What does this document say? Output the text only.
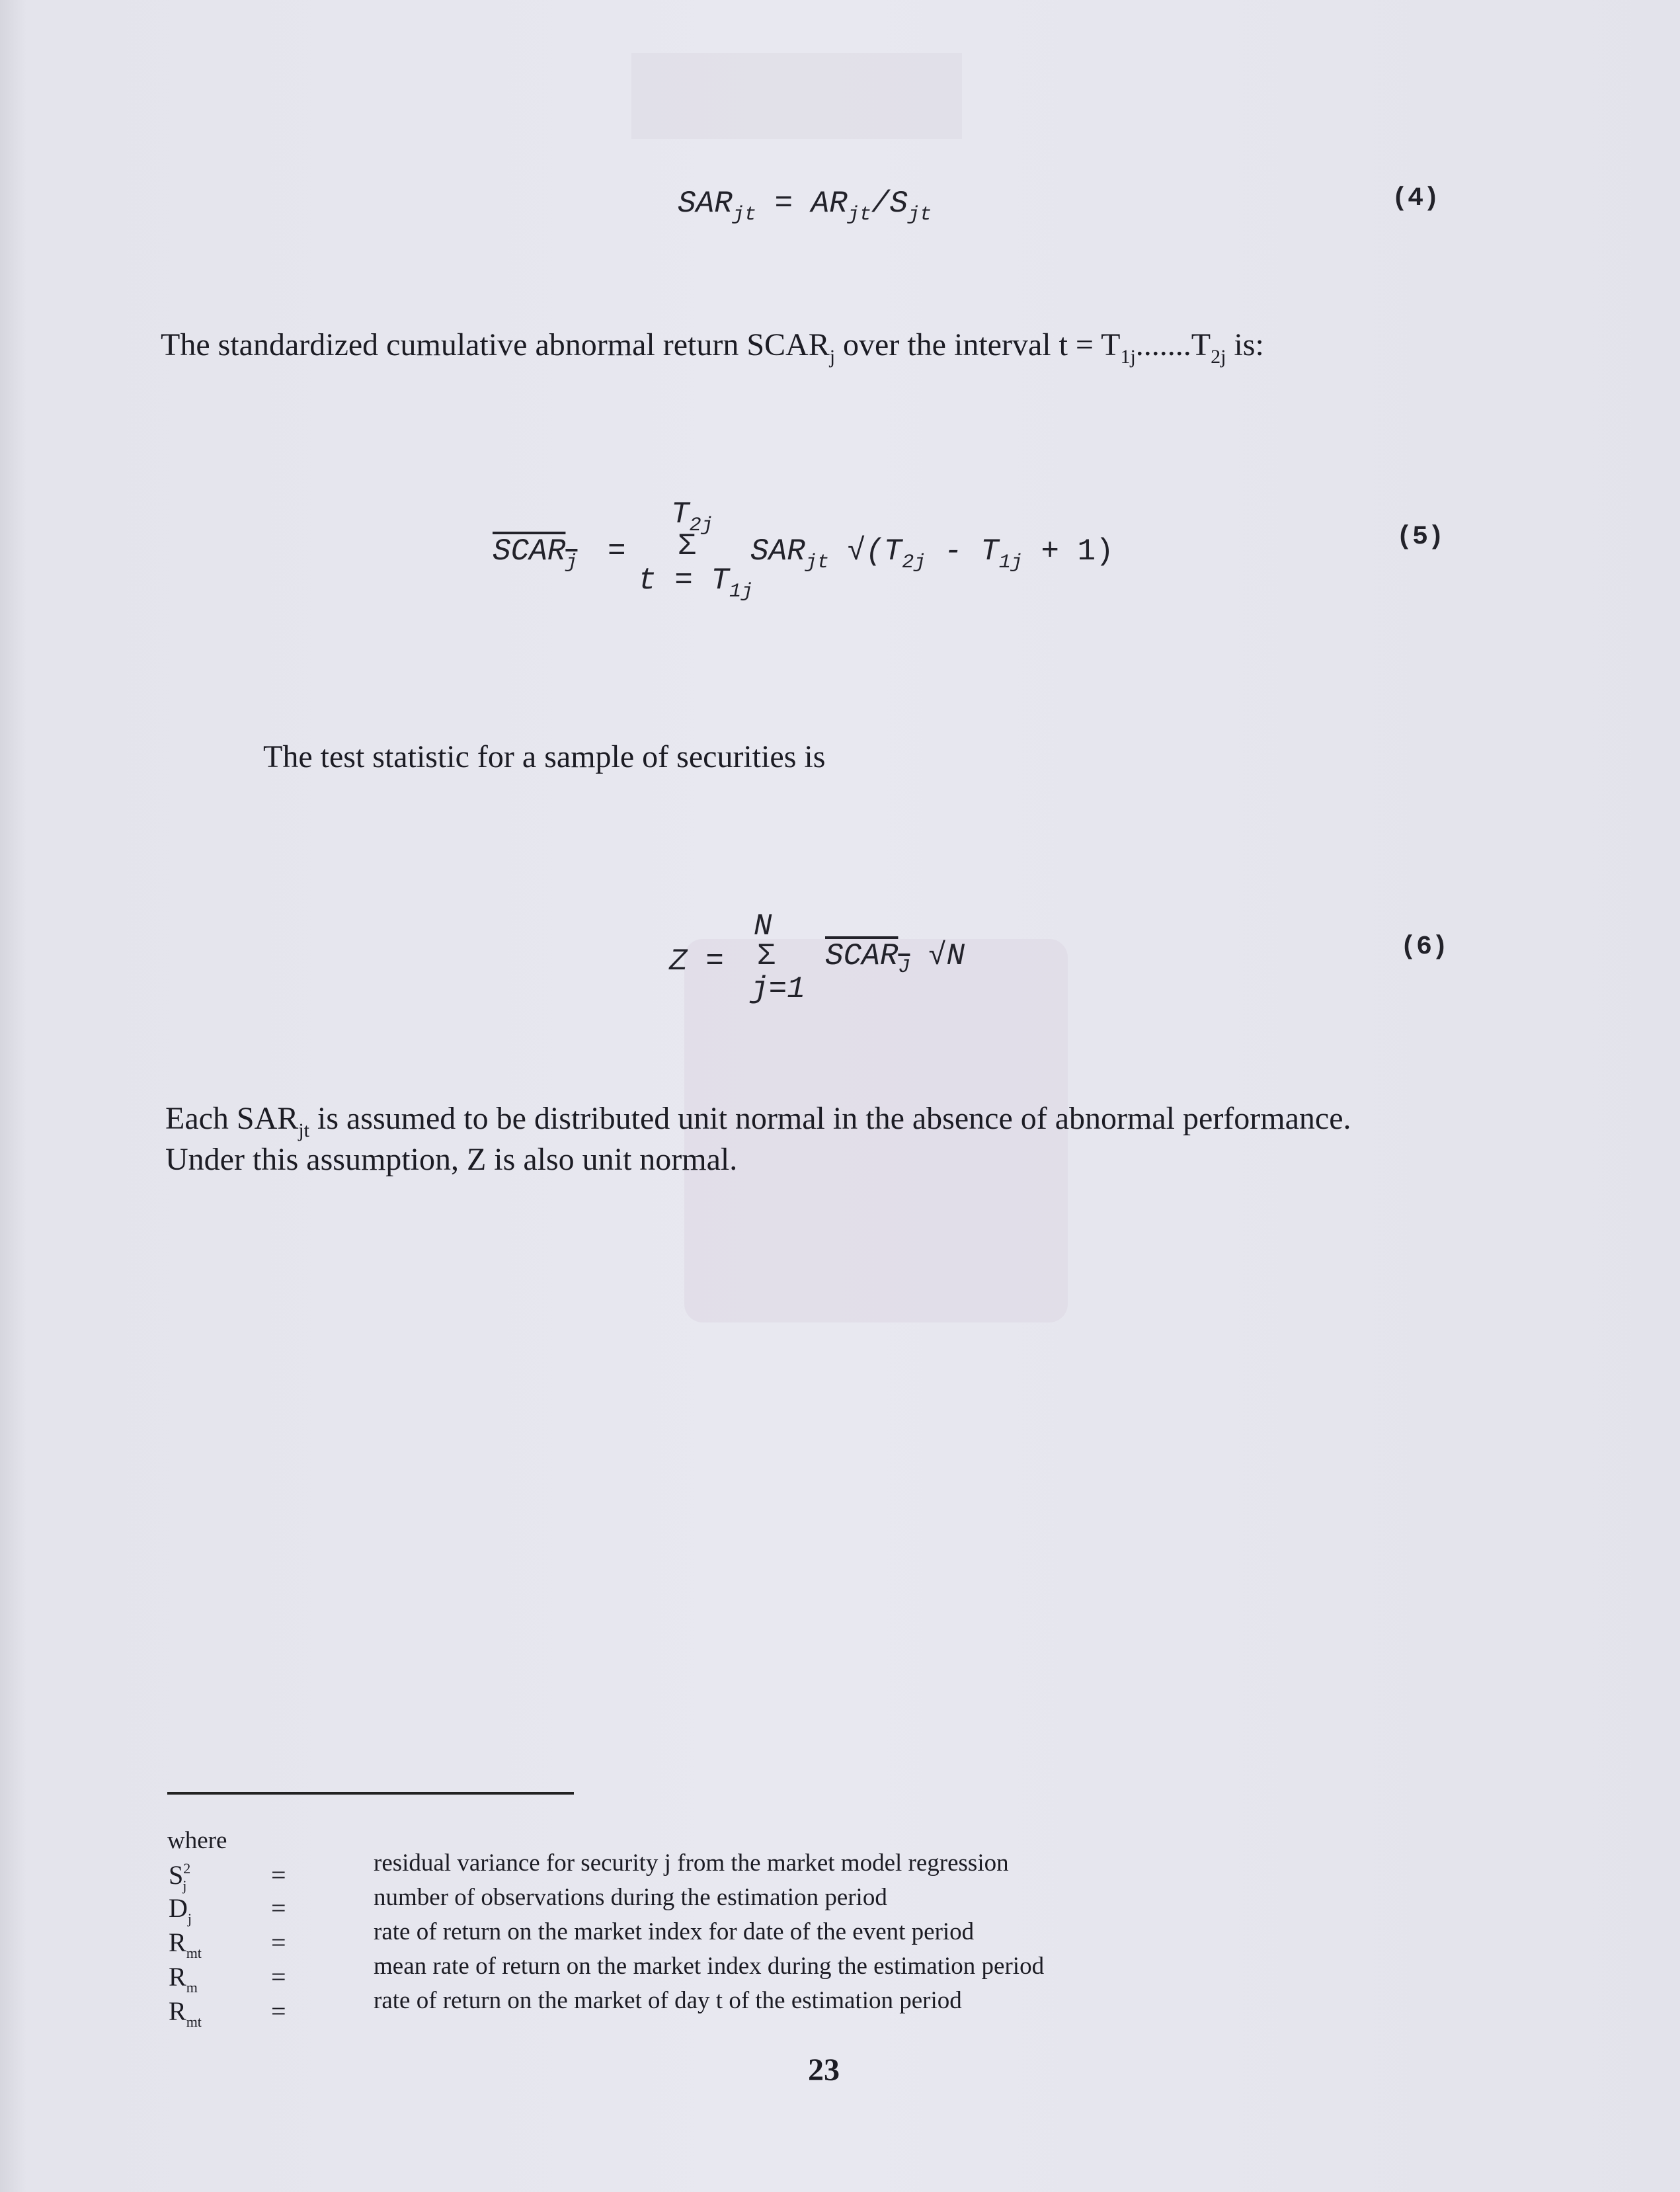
$SAR_{jt} = AR_{jt}/S_{jt}$
(4)
The standardized cumulative abnormal return $SCAR_j$ over the interval $t = T_{1j}.......T_{2j}$ is:
$T_{2j}$
$SCAR_j = \Sigma$ $SAR_{jt}$ $√(T_{2j} - T_{1j} + 1)$
$t = T_{1j}$
(5)
The test statistic for a sample of securities is
N
Z = Σ $SCAR_J$ √N
j=1
(6)
Each $SAR_{jt}$ is assumed to be distributed unit normal in the absence of abnormal performance.
Under this assumption, Z is also unit normal.
where
$S^2_j$	=	residual variance for security j from the market model regression
$D_j$	=	number of observations during the estimation period
$R_{mt}$	=	rate of return on the market index for date of the event period
$R_m$	=	mean rate of return on the market index during the estimation period
$R_{mt}$	=	rate of return on the market of day t of the estimation period
23
